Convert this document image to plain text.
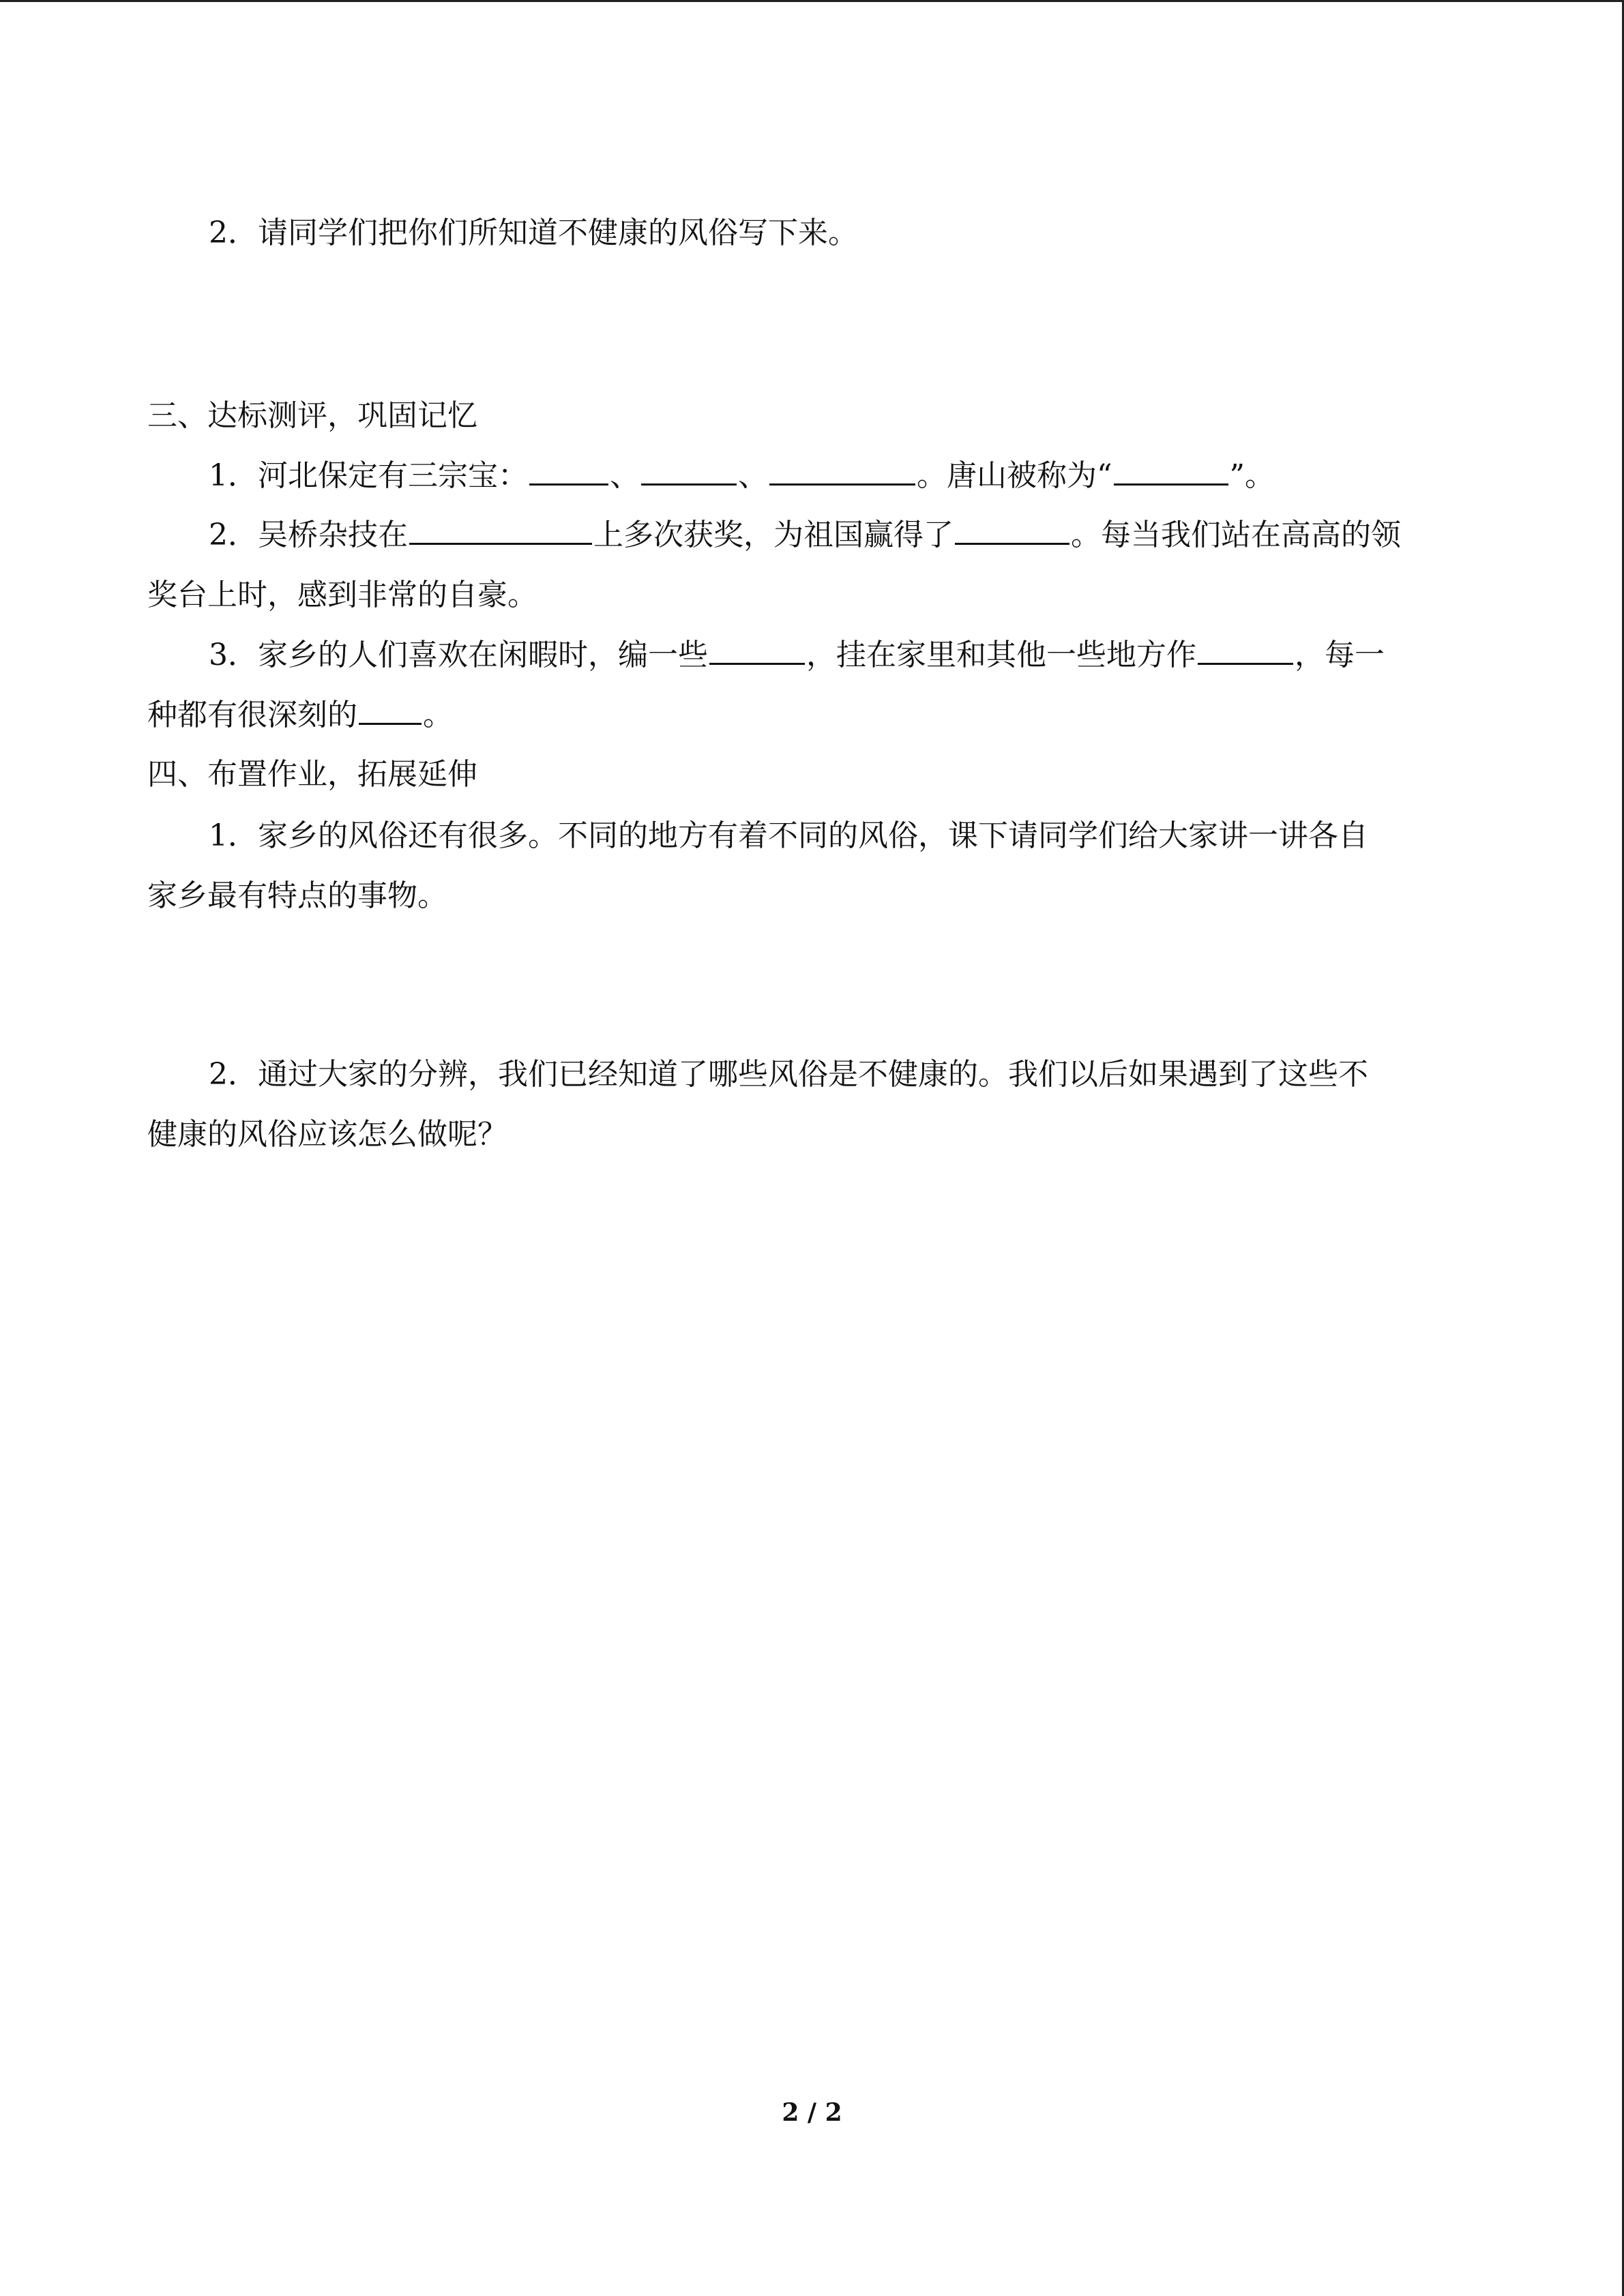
2．请同学们把你们所知道不健康的风俗写下来。
三、达标测评，巩固记忆
1．河北保定有三宗宝：	、	、	。唐山被称为“	”。
2．吴桥杂技在	上多次获奖，为祖国赢得了	。每当我们站在高高的领
奖台上时，感到非常的自豪。
3．家乡的人们喜欢在闲暇时，编一些	，挂在家里和其他一些地方作	，每一
种都有很深刻的 。
四、布置作业，拓展延伸
1．家乡的风俗还有很多。不同的地方有着不同的风俗，课下请同学们给大家讲一讲各自
家乡最有特点的事物。
2．通过大家的分辨，我们已经知道了哪些风俗是不健康的。我们以后如果遇到了这些不
健康的风俗应该怎么做呢？
2 / 2
